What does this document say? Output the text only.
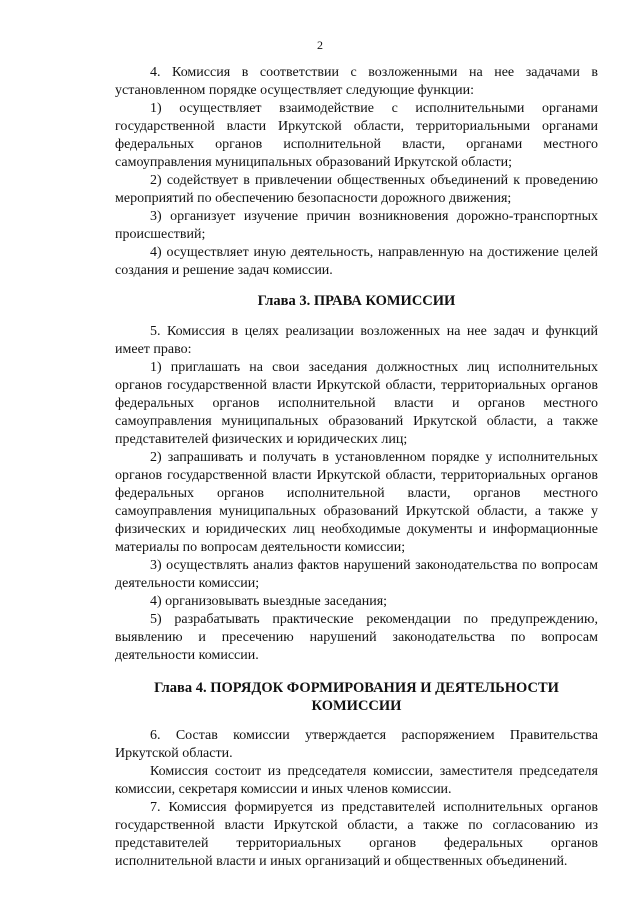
2

4. Комиссия в соответствии с возложенными на нее задачами в установленном порядке осуществляет следующие функции:

1) осуществляет взаимодействие с исполнительными органами государственной власти Иркутской области, территориальными органами федеральных органов исполнительной власти, органами местного самоуправления муниципальных образований Иркутской области;

2) содействует в привлечении общественных объединений к проведению мероприятий по обеспечению безопасности дорожного движения;

3) организует изучение причин возникновения дорожно-транспортных происшествий;

4) осуществляет иную деятельность, направленную на достижение целей создания и решение задач комиссии.

Глава 3. ПРАВА КОМИССИИ

5. Комиссия в целях реализации возложенных на нее задач и функций имеет право:

1) приглашать на свои заседания должностных лиц исполнительных органов государственной власти Иркутской области, территориальных органов федеральных органов исполнительной власти и органов местного самоуправления муниципальных образований Иркутской области, а также представителей физических и юридических лиц;

2) запрашивать и получать в установленном порядке у исполнительных органов государственной власти Иркутской области, территориальных органов федеральных органов исполнительной власти, органов местного самоуправления муниципальных образований Иркутской области, а также у физических и юридических лиц необходимые документы и информационные материалы по вопросам деятельности комиссии;

3) осуществлять анализ фактов нарушений законодательства по вопросам деятельности комиссии;

4) организовывать выездные заседания;

5) разрабатывать практические рекомендации по предупреждению, выявлению и пресечению нарушений законодательства по вопросам деятельности комиссии.

Глава 4. ПОРЯДОК ФОРМИРОВАНИЯ И ДЕЯТЕЛЬНОСТИ КОМИССИИ

6. Состав комиссии утверждается распоряжением Правительства Иркутской области.

Комиссия состоит из председателя комиссии, заместителя председателя комиссии, секретаря комиссии и иных членов комиссии.

7. Комиссия формируется из представителей исполнительных органов государственной власти Иркутской области, а также по согласованию из представителей территориальных органов федеральных органов исполнительной власти и иных организаций и общественных объединений.
